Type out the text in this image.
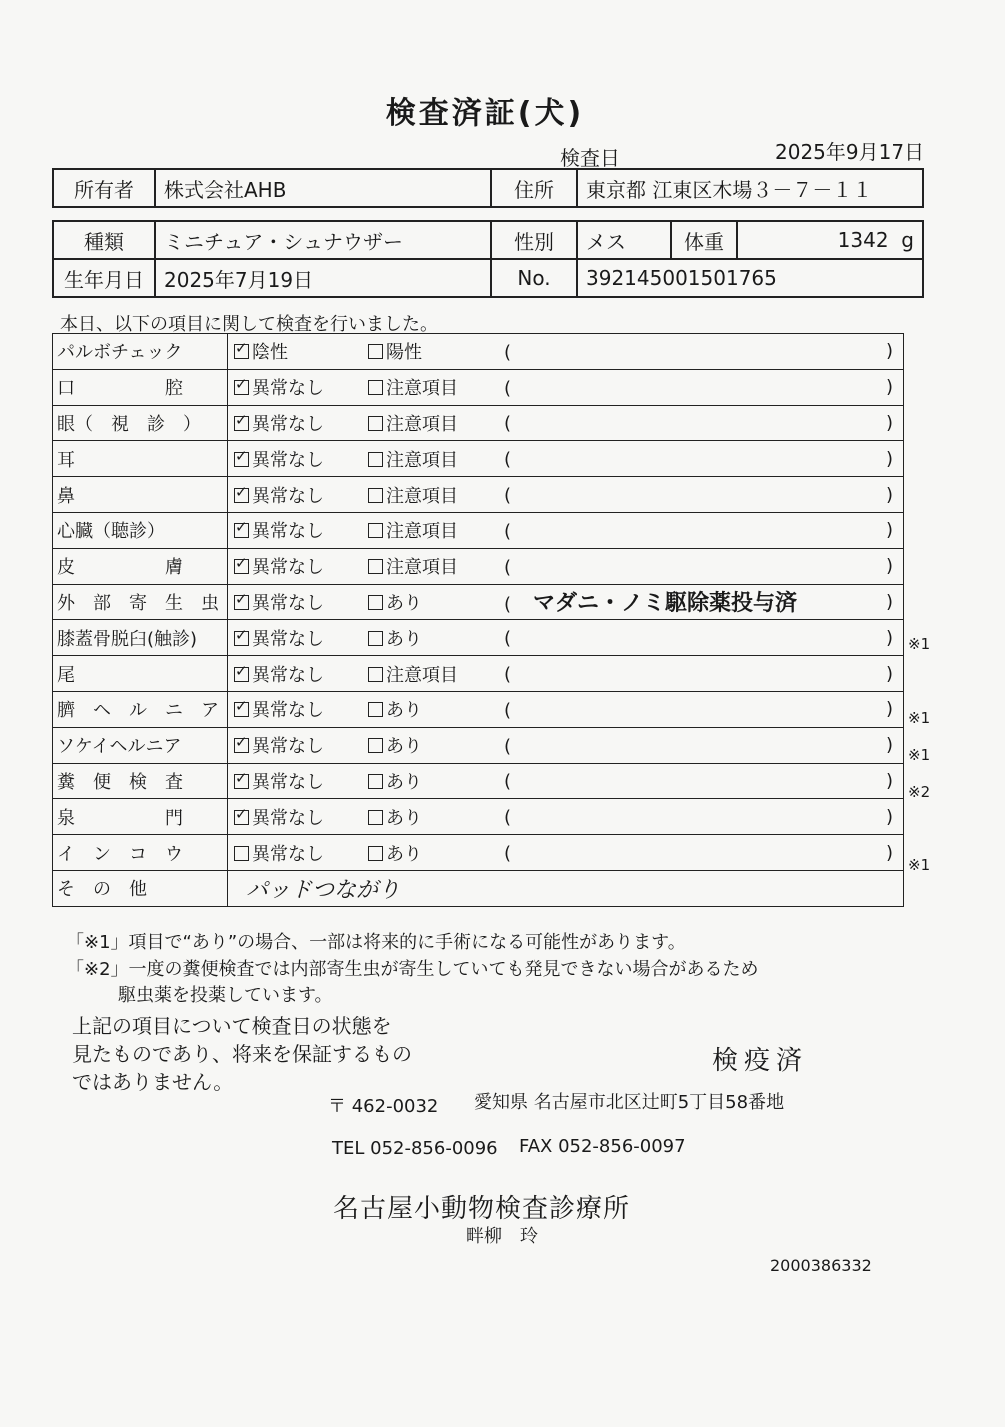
検査済証(犬)
検査日	2025年9月17日
所有者	株式会社AHB	住所	東京都 江東区木場３－７－１１
種類	ミニチュア・シュナウザー	性別	メス	体重	1342 g
生年月日	2025年7月19日	No.	392145001501765		
本日、以下の項目に関して検査を行いました。
パルボチェック	✓陰性	陽性	( )

口　　　　　腔	✓異常なし	注意項目	( )

眼（　視　診　）	✓異常なし	注意項目	( )

耳	✓異常なし	注意項目	( )

鼻	✓異常なし	注意項目	( )

心臓（聴診）	✓異常なし	注意項目	( )

皮　　　　　膚	✓異常なし	注意項目	( )

外　部　寄　生　虫	✓異常なし	あり	( マダニ・ノミ駆除薬投与済 )

膝蓋骨脱臼(触診)	✓異常なし	あり	( )

尾	✓異常なし	注意項目	( )

臍　ヘ　ル　ニ　ア	✓異常なし	あり	( )

ソケイヘルニア	✓異常なし	あり	( )

糞　便　検　査	✓異常なし	あり	( )

泉　　　　　門	✓異常なし	あり	( )

イ　ン　コ　ウ	異常なし	あり	( )

そ　の　他	パッドつながり		
※1
※1
※1
※2
※1
「※1」項目で“あり”の場合、一部は将来的に手術になる可能性があります。
「※2」一度の糞便検査では内部寄生虫が寄生していても発見できない場合があるため
駆虫薬を投薬しています。
上記の項目について検査日の状態を
見たものであり、将来を保証するもの
ではありません。
検疫済
〒 462-0032 愛知県 名古屋市北区辻町5丁目58番地
TEL 052-856-0096 FAX 052-856-0097
名古屋小動物検査診療所
畔柳　玲
2000386332
